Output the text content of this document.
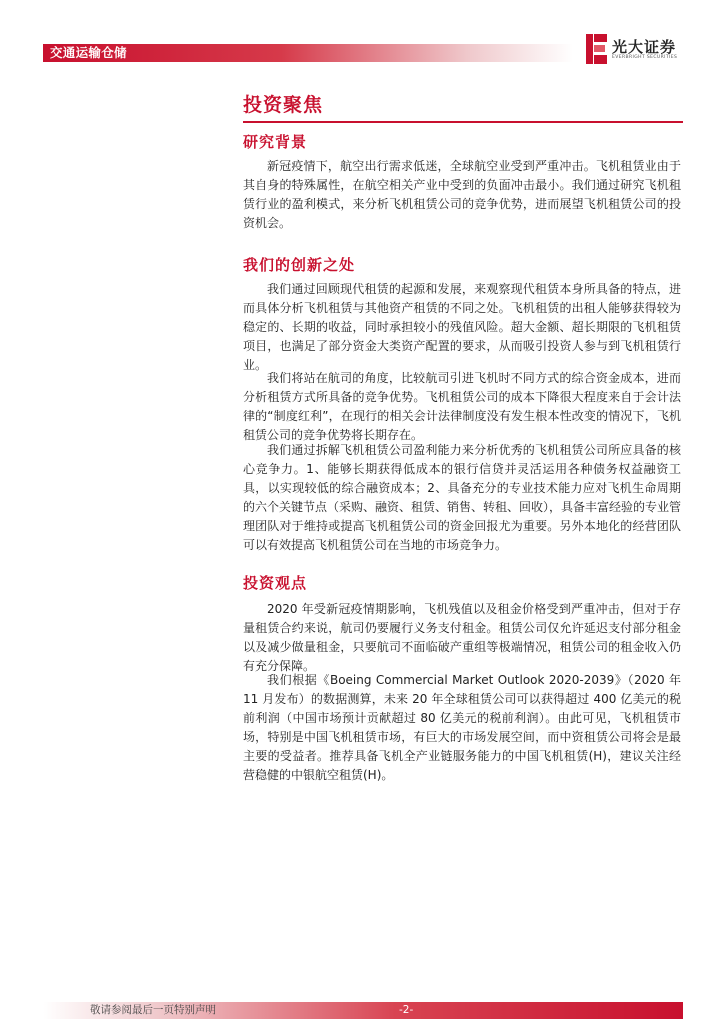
交通运输仓储	光大证券
EVERBRIGHT SECURITIES
投资聚焦
研究背景

新冠疫情下，航空出行需求低迷，全球航空业受到严重冲击。飞机租赁业由于其自身的特殊属性，在航空相关产业中受到的负面冲击最小。我们通过研究飞机租赁行业的盈利模式，来分析飞机租赁公司的竞争优势，进而展望飞机租赁公司的投资机会。

我们的创新之处

我们通过回顾现代租赁的起源和发展，来观察现代租赁本身所具备的特点，进而具体分析飞机租赁与其他资产租赁的不同之处。飞机租赁的出租人能够获得较为稳定的、长期的收益，同时承担较小的残值风险。超大金额、超长期限的飞机租赁项目，也满足了部分资金大类资产配置的要求，从而吸引投资人参与到飞机租赁行业。

我们将站在航司的角度，比较航司引进飞机时不同方式的综合资金成本，进而分析租赁方式所具备的竞争优势。飞机租赁公司的成本下降很大程度来自于会计法律的“制度红利”，在现行的相关会计法律制度没有发生根本性改变的情况下，飞机租赁公司的竞争优势将长期存在。

我们通过拆解飞机租赁公司盈利能力来分析优秀的飞机租赁公司所应具备的核心竞争力。1、能够长期获得低成本的银行信贷并灵活运用各种债务权益融资工具，以实现较低的综合融资成本；2、具备充分的专业技术能力应对飞机生命周期的六个关键节点（采购、融资、租赁、销售、转租、回收），具备丰富经验的专业管理团队对于维持或提高飞机租赁公司的资金回报尤为重要。另外本地化的经营团队可以有效提高飞机租赁公司在当地的市场竞争力。

投资观点

2020 年受新冠疫情期影响，飞机残值以及租金价格受到严重冲击，但对于存量租赁合约来说，航司仍要履行义务支付租金。租赁公司仅允许延迟支付部分租金以及减少做量租金，只要航司不面临破产重组等极端情况，租赁公司的租金收入仍有充分保障。

我们根据《Boeing Commercial Market Outlook 2020-2039》（2020 年 11 月发布）的数据测算，未来 20 年全球租赁公司可以获得超过 400 亿美元的税前利润（中国市场预计贡献超过 80 亿美元的税前利润）。由此可见，飞机租赁市场，特别是中国飞机租赁市场，有巨大的市场发展空间，而中资租赁公司将会是最主要的受益者。推荐具备飞机全产业链服务能力的中国飞机租赁(H)，建议关注经营稳健的中银航空租赁(H)。

敬请参阅最后一页特别声明	-2-
